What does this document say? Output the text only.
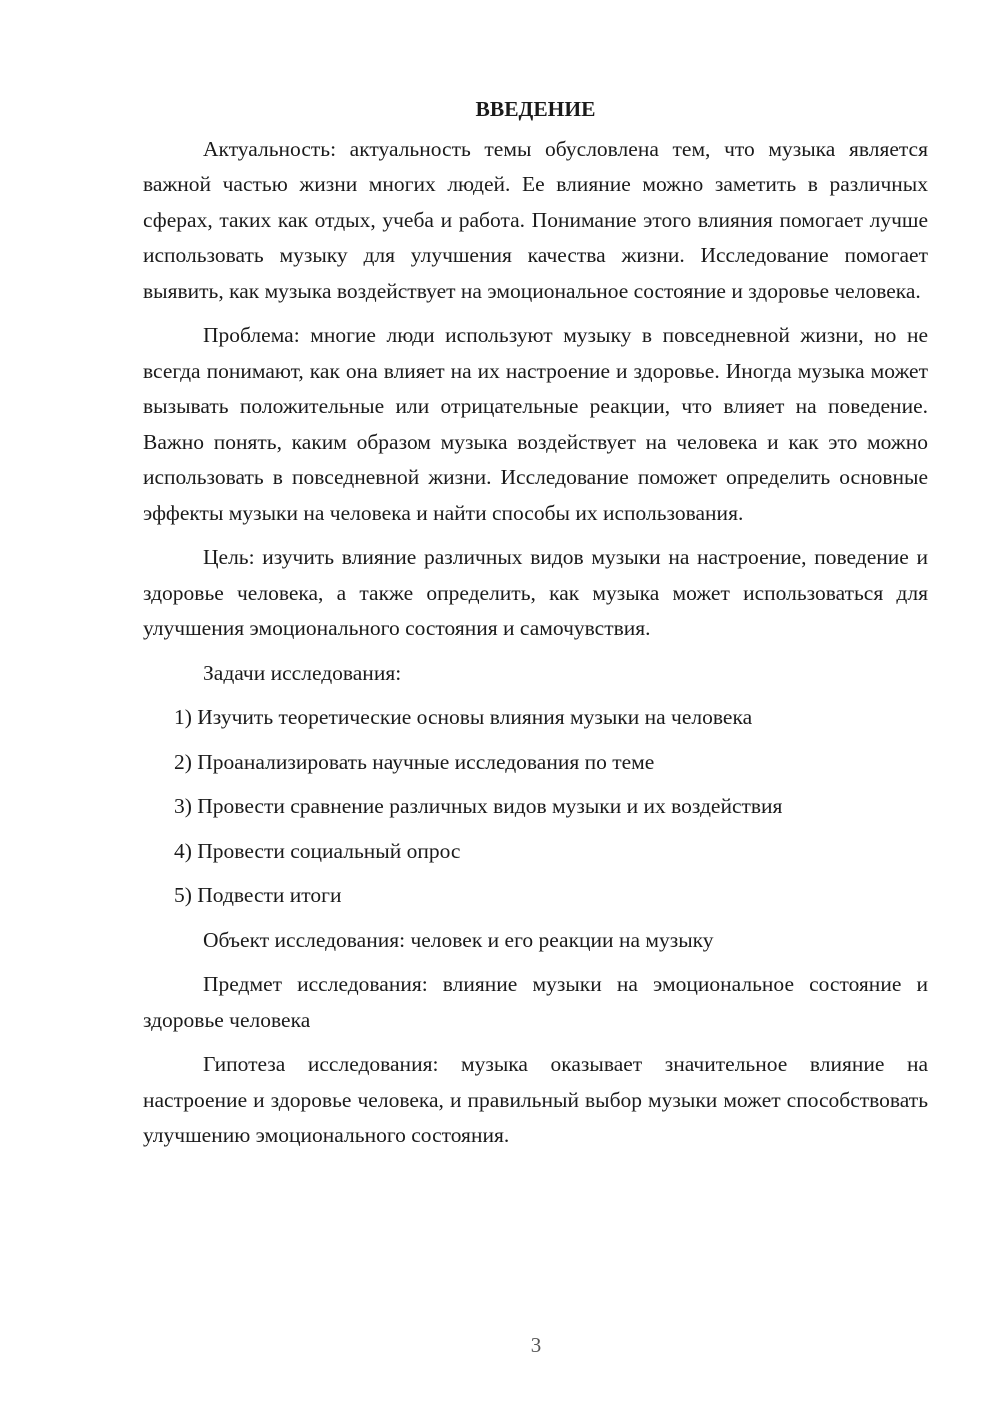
ВВЕДЕНИЕ

Актуальность: актуальность темы обусловлена тем, что музыка является важной частью жизни многих людей. Ее влияние можно заметить в различных сферах, таких как отдых, учеба и работа. Понимание этого влияния помогает лучше использовать музыку для улучшения качества жизни. Исследование помогает выявить, как музыка воздействует на эмоциональное состояние и здоровье человека.

Проблема: многие люди используют музыку в повседневной жизни, но не всегда понимают, как она влияет на их настроение и здоровье. Иногда музыка может вызывать положительные или отрицательные реакции, что влияет на поведение. Важно понять, каким образом музыка воздействует на человека и как это можно использовать в повседневной жизни. Исследование поможет определить основные эффекты музыки на человека и найти способы их использования.

Цель: изучить влияние различных видов музыки на настроение, поведение и здоровье человека, а также определить, как музыка может использоваться для улучшения эмоционального состояния и самочувствия.

Задачи исследования:

1) Изучить теоретические основы влияния музыки на человека
2) Проанализировать научные исследования по теме
3) Провести сравнение различных видов музыки и их воздействия
4) Провести социальный опрос
5) Подвести итоги

Объект исследования: человек и его реакции на музыку

Предмет исследования: влияние музыки на эмоциональное состояние и здоровье человека

Гипотеза исследования: музыка оказывает значительное влияние на настроение и здоровье человека, и правильный выбор музыки может способствовать улучшению эмоционального состояния.

3
